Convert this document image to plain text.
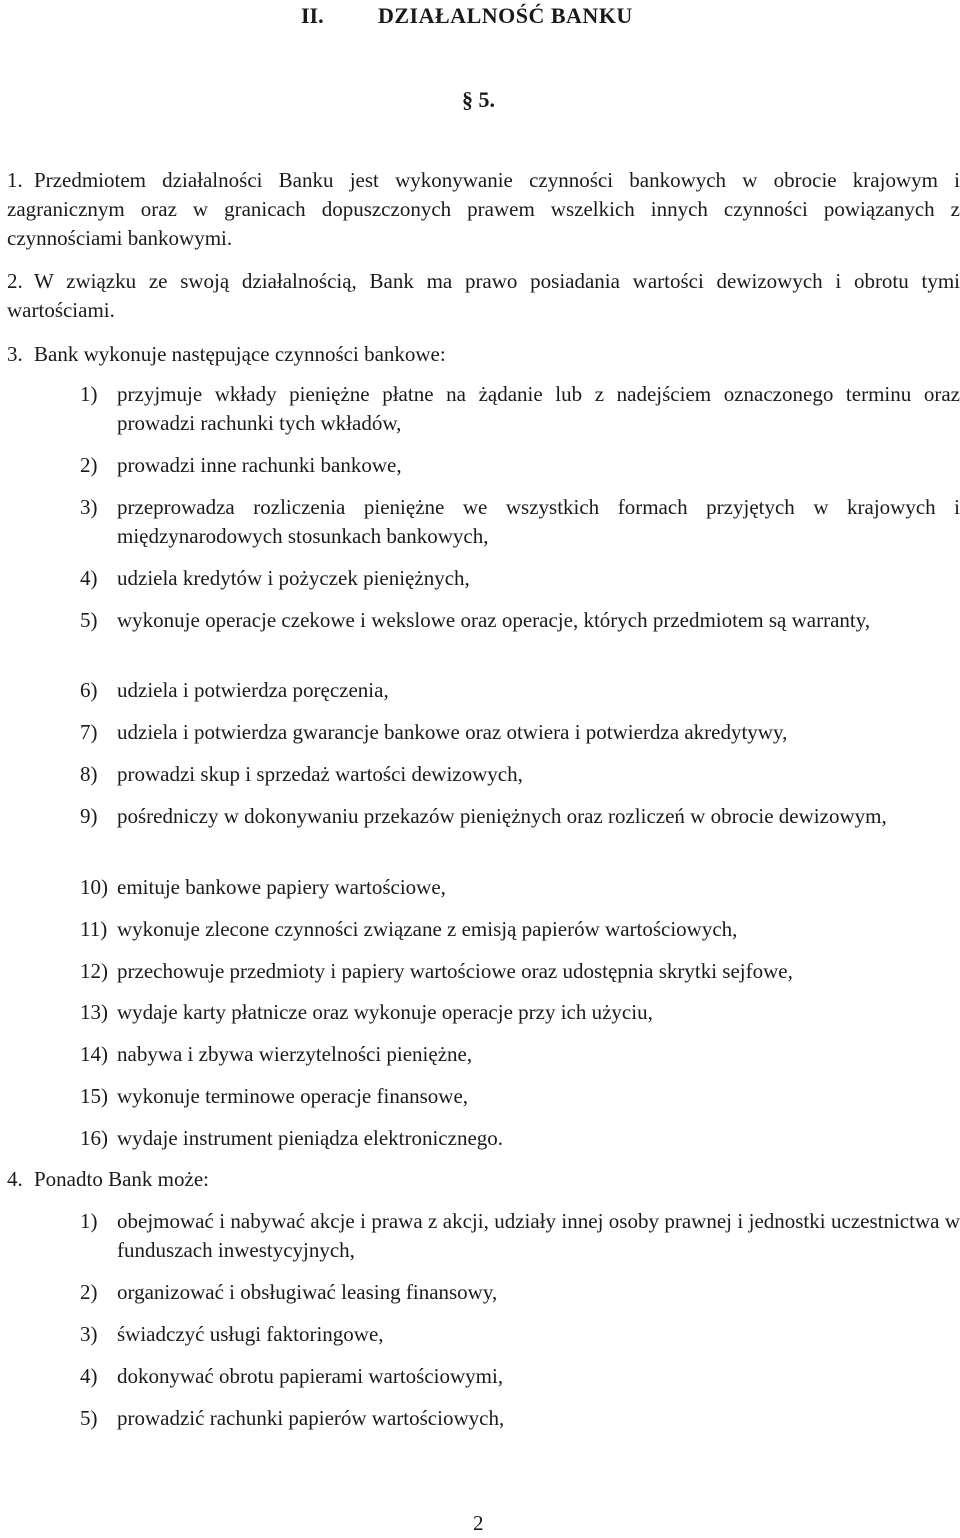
II. DZIAŁALNOŚĆ BANKU
§ 5.
1. Przedmiotem działalności Banku jest wykonywanie czynności bankowych w obrocie krajowym i zagranicznym oraz w granicach dopuszczonych prawem wszelkich innych czynności powiązanych z czynnościami bankowymi.
2. W związku ze swoją działalnością, Bank ma prawo posiadania wartości dewizowych i obrotu tymi wartościami.
3. Bank wykonuje następujące czynności bankowe:
1) przyjmuje wkłady pieniężne płatne na żądanie lub z nadejściem oznaczonego terminu oraz prowadzi rachunki tych wkładów,
2) prowadzi inne rachunki bankowe,
3) przeprowadza rozliczenia pieniężne we wszystkich formach przyjętych w krajowych i międzynarodowych stosunkach bankowych,
4) udziela kredytów i pożyczek pieniężnych,
5) wykonuje operacje czekowe i wekslowe oraz operacje, których przedmiotem są warranty,
6) udziela i potwierdza poręczenia,
7) udziela i potwierdza gwarancje bankowe oraz otwiera i potwierdza akredytywy,
8) prowadzi skup i sprzedaż wartości dewizowych,
9) pośredniczy w dokonywaniu przekazów pieniężnych oraz rozliczeń w obrocie dewizowym,
10) emituje bankowe papiery wartościowe,
11) wykonuje zlecone czynności związane z emisją papierów wartościowych,
12) przechowuje przedmioty i papiery wartościowe oraz udostępnia skrytki sejfowe,
13) wydaje karty płatnicze oraz wykonuje operacje przy ich użyciu,
14) nabywa i zbywa wierzytelności pieniężne,
15) wykonuje terminowe operacje finansowe,
16) wydaje instrument pieniądza elektronicznego.
4. Ponadto Bank może:
1) obejmować i nabywać akcje i prawa z akcji, udziały innej osoby prawnej i jednostki uczestnictwa w funduszach inwestycyjnych,
2) organizować i obsługiwać leasing finansowy,
3) świadczyć usługi faktoringowe,
4) dokonywać obrotu papierami wartościowymi,
5) prowadzić rachunki papierów wartościowych,
2
